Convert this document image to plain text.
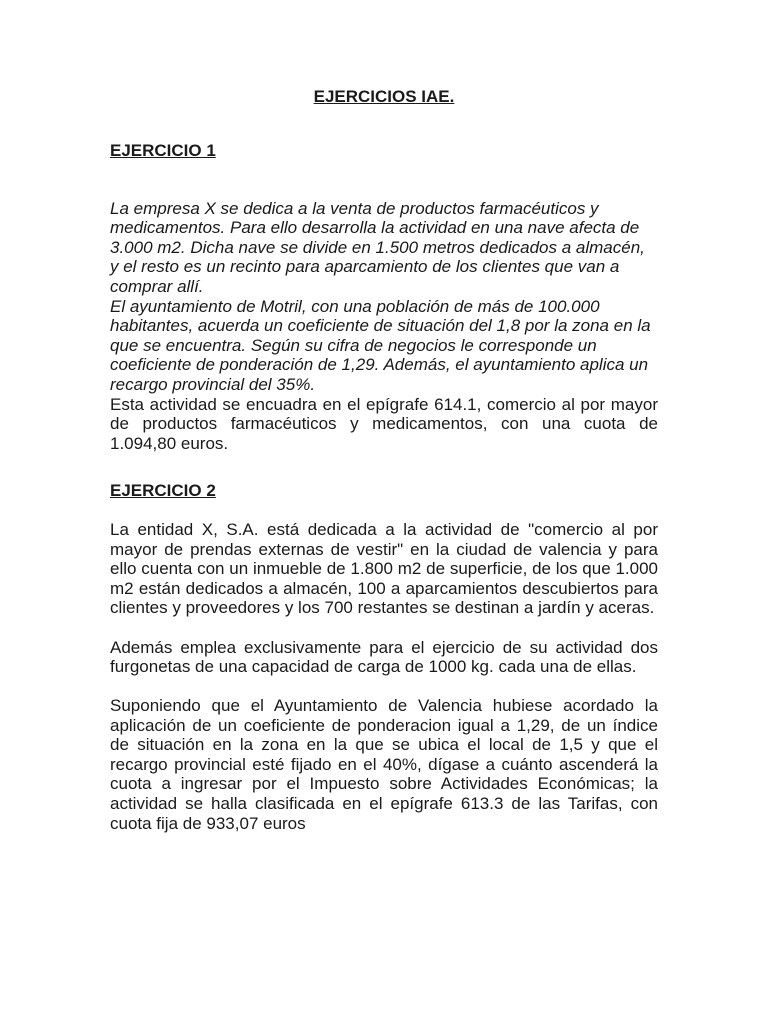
EJERCICIOS IAE.
EJERCICIO 1

La empresa X se dedica a la venta de productos farmacéuticos y medicamentos. Para ello desarrolla la actividad en una nave afecta de 3.000 m2. Dicha nave se divide en 1.500 metros dedicados a almacén, y el resto es un recinto para aparcamiento de los clientes que van a comprar allí.

El ayuntamiento de Motril, con una población de más de 100.000 habitantes, acuerda un coeficiente de situación del 1,8 por la zona en la que se encuentra. Según su cifra de negocios le corresponde un coeficiente de ponderación de 1,29. Además, el ayuntamiento aplica un recargo provincial del 35%.

Esta actividad se encuadra en el epígrafe 614.1, comercio al por mayor de productos farmacéuticos y medicamentos, con una cuota de 1.094,80 euros.

EJERCICIO 2

La entidad X, S.A. está dedicada a la actividad de "comercio al por mayor de prendas externas de vestir" en la ciudad de valencia y para ello cuenta con un inmueble de 1.800 m2 de superficie, de los que 1.000 m2 están dedicados a almacén, 100 a aparcamientos descubiertos para clientes y proveedores y los 700 restantes se destinan a jardín y aceras.

Además emplea exclusivamente para el ejercicio de su actividad dos furgonetas de una capacidad de carga de 1000 kg. cada una de ellas.

Suponiendo que el Ayuntamiento de Valencia hubiese acordado la aplicación de un coeficiente de ponderacion igual a 1,29, de un índice de situación en la zona en la que se ubica el local de 1,5 y que el recargo provincial esté fijado en el 40%, dígase a cuánto ascenderá la cuota a ingresar por el Impuesto sobre Actividades Económicas; la actividad se halla clasificada en el epígrafe 613.3 de las Tarifas, con cuota fija de 933,07 euros
